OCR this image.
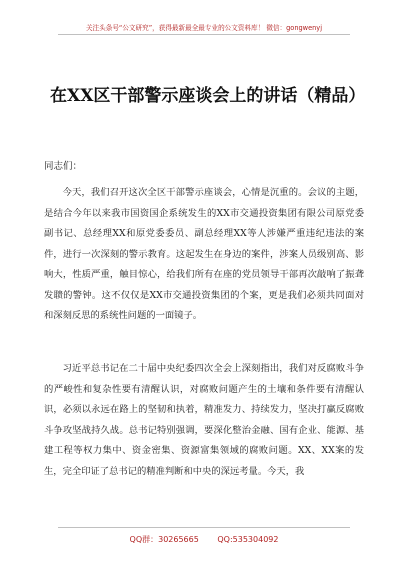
关注头条号“公文研究”，获得最新最全最专业的公文资料库！ 微信：gongwenyj
在XX区干部警示座谈会上的讲话（精品）
同志们：
今天，我们召开这次全区干部警示座谈会，心情是沉重的。会议的主题，是结合今年以来我市国资国企系统发生的XX市交通投资集团有限公司原党委副书记、总经理XX和原党委委员、副总经理XX等人涉嫌严重违纪违法的案件，进行一次深刻的警示教育。这起发生在身边的案件，涉案人员级别高、影响大，性质严重，触目惊心，给我们所有在座的党员领导干部再次敲响了振聋发聩的警钟。这不仅仅是XX市交通投资集团的个案，更是我们必须共同面对和深刻反思的系统性问题的一面镜子。
习近平总书记在二十届中央纪委四次全会上深刻指出，我们对反腐败斗争的严峻性和复杂性要有清醒认识，对腐败问题产生的土壤和条件要有清醒认识，必须以永远在路上的坚韧和执着，精准发力、持续发力，坚决打赢反腐败斗争攻坚战持久战。总书记特别强调，要深化整治金融、国有企业、能源、基建工程等权力集中、资金密集、资源富集领域的腐败问题。XX、XX案的发生，完全印证了总书记的精准判断和中央的深远考量。今天，我
QQ群：30265665 QQ:535304092
